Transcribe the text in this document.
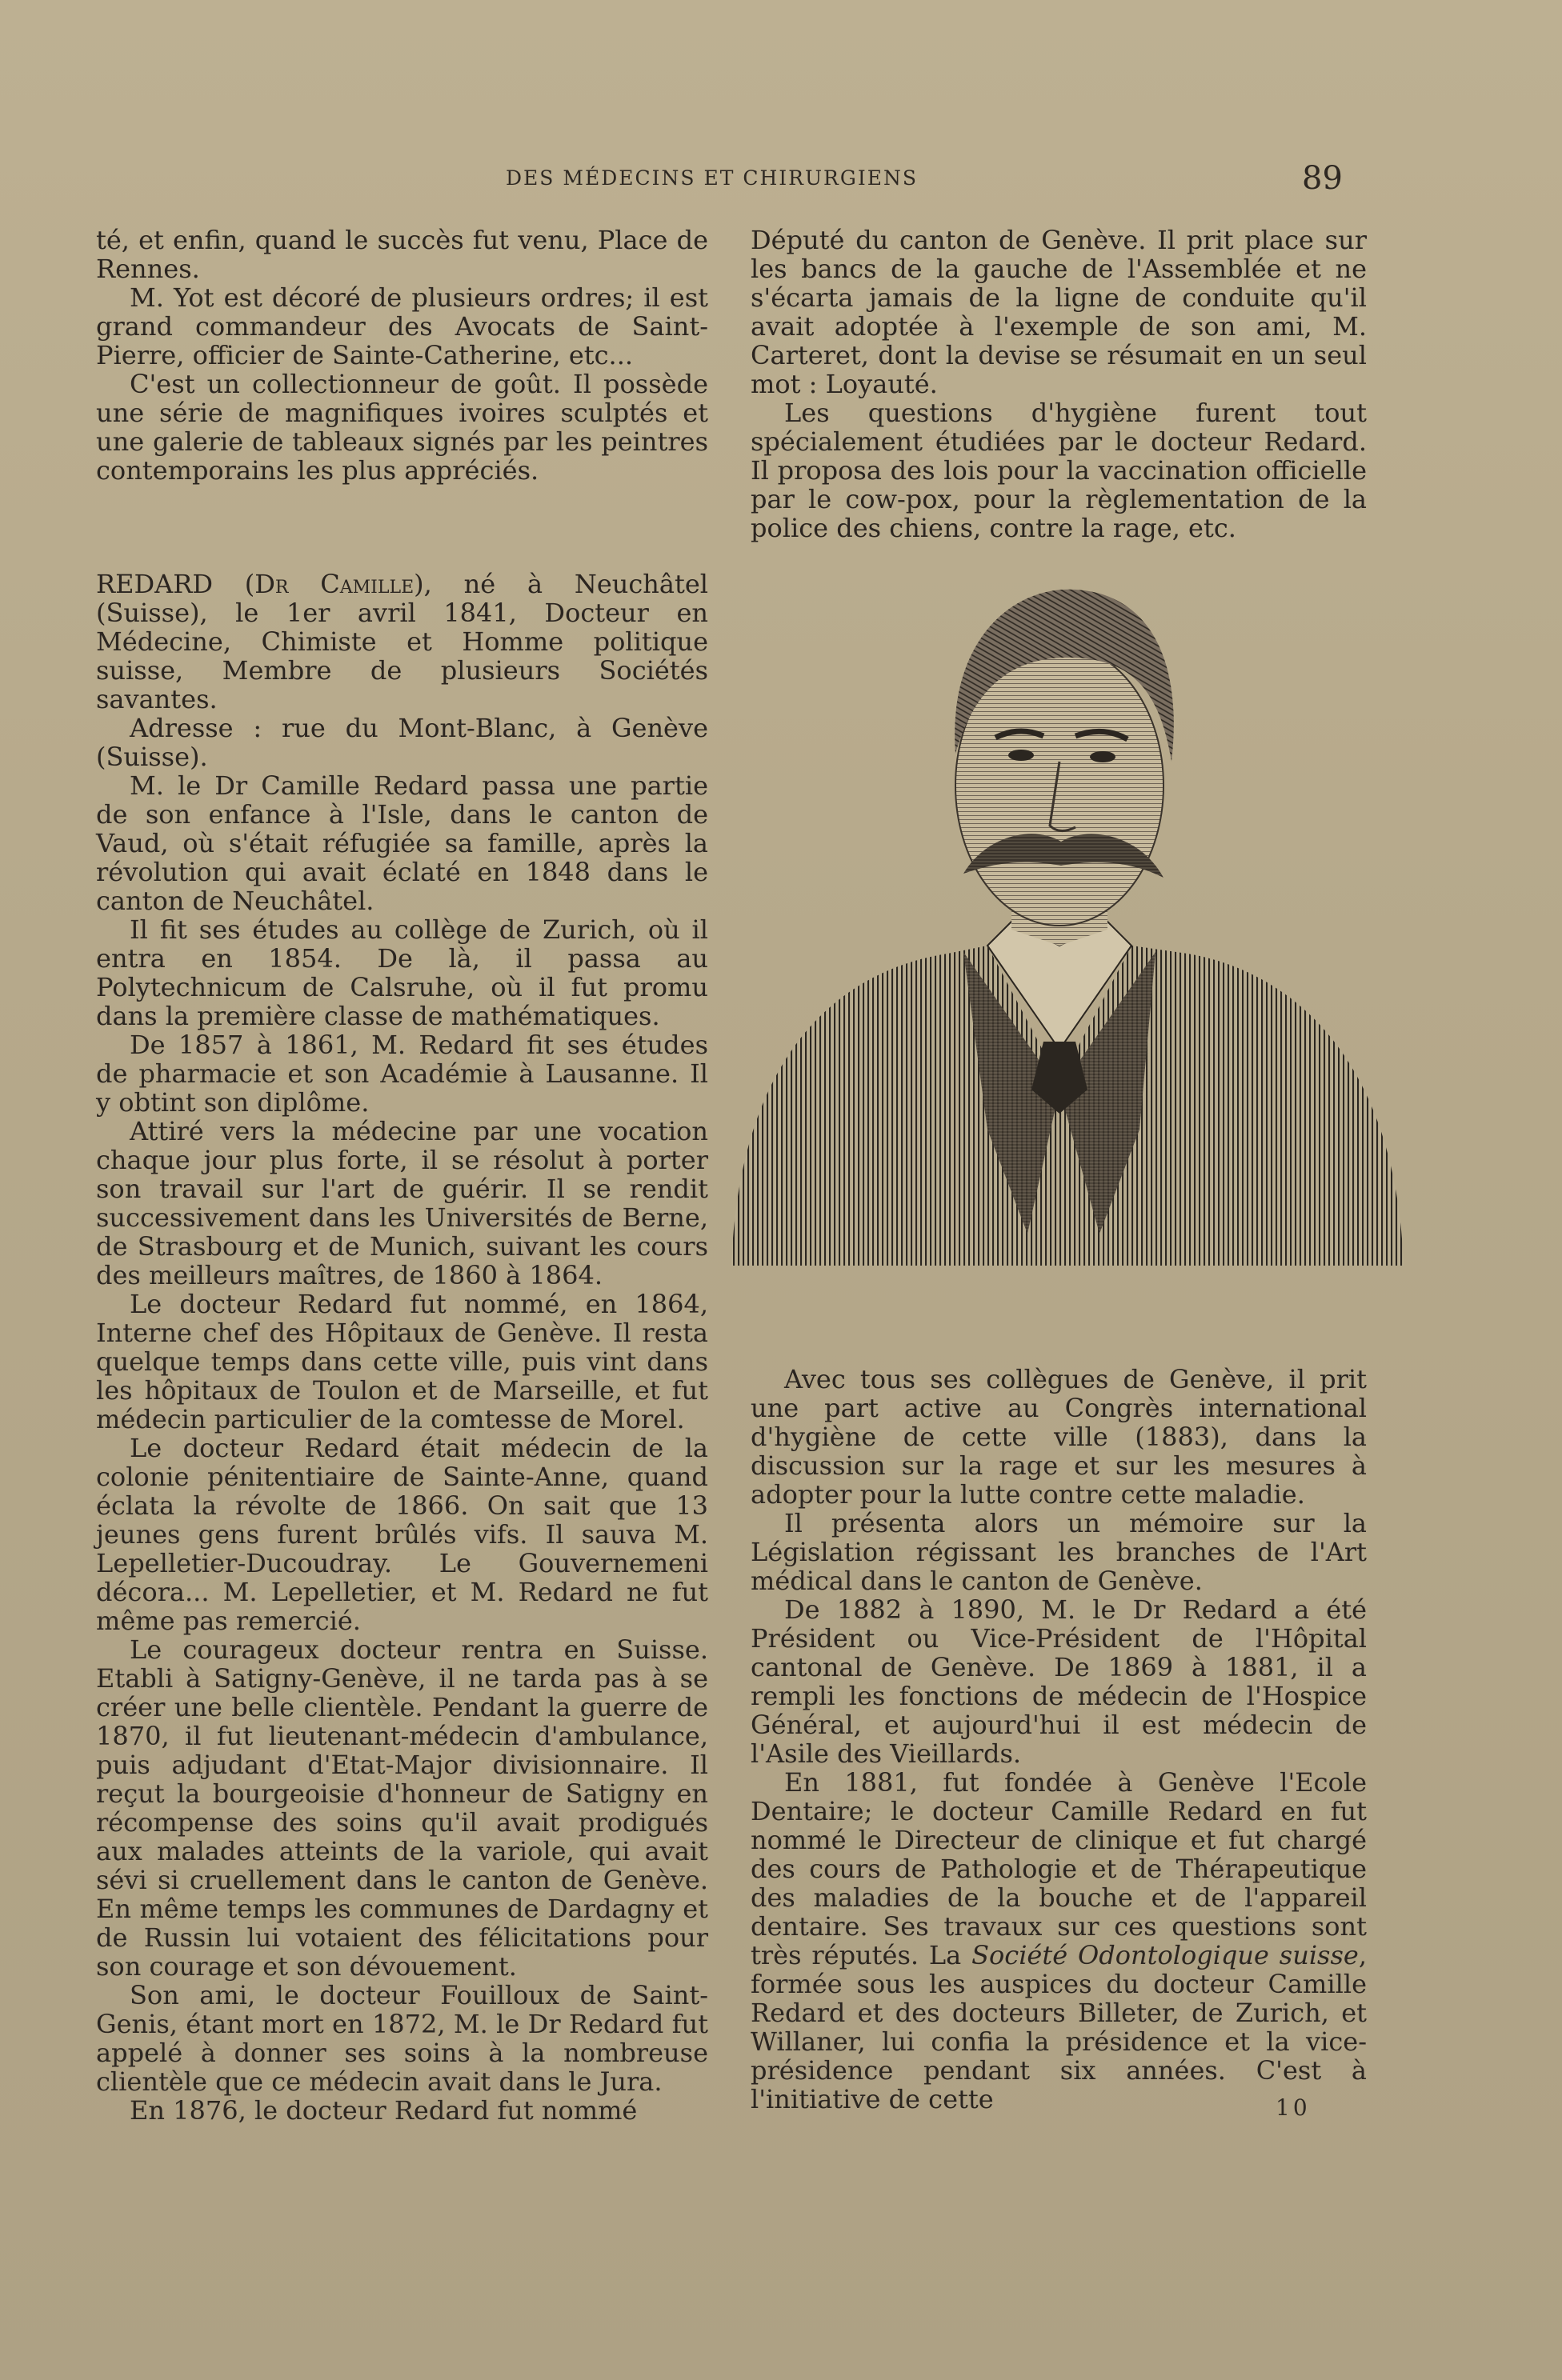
DES MÉDECINS ET CHIRURGIENS	89

té, et enfin, quand le succès fut venu, Place de Rennes.

M. Yot est décoré de plusieurs ordres; il est grand commandeur des Avocats de Saint-Pierre, officier de Sainte-Catherine, etc...

C'est un collectionneur de goût. Il possède une série de magnifiques ivoires sculptés et une galerie de tableaux signés par les peintres contemporains les plus appréciés.

REDARD (Dr Camille), né à Neuchâtel (Suisse), le 1er avril 1841, Docteur en Médecine, Chimiste et Homme politique suisse, Membre de plusieurs Sociétés savantes.

Adresse : rue du Mont-Blanc, à Genève (Suisse).

M. le Dr Camille Redard passa une partie de son enfance à l'Isle, dans le canton de Vaud, où s'était réfugiée sa famille, après la révolution qui avait éclaté en 1848 dans le canton de Neuchâtel.

Il fit ses études au collège de Zurich, où il entra en 1854. De là, il passa au Polytechnicum de Calsruhe, où il fut promu dans la première classe de mathématiques.

De 1857 à 1861, M. Redard fit ses études de pharmacie et son Académie à Lausanne. Il y obtint son diplôme.

Attiré vers la médecine par une vocation chaque jour plus forte, il se résolut à porter son travail sur l'art de guérir. Il se rendit successivement dans les Universités de Berne, de Strasbourg et de Munich, suivant les cours des meilleurs maîtres, de 1860 à 1864.

Le docteur Redard fut nommé, en 1864, Interne chef des Hôpitaux de Genève. Il resta quelque temps dans cette ville, puis vint dans les hôpitaux de Toulon et de Marseille, et fut médecin particulier de la comtesse de Morel.

Le docteur Redard était médecin de la colonie pénitentiaire de Sainte-Anne, quand éclata la révolte de 1866. On sait que 13 jeunes gens furent brûlés vifs. Il sauva M. Lepelletier-Ducoudray. Le Gouvernemeni décora... M. Lepelletier, et M. Redard ne fut même pas remercié.

Le courageux docteur rentra en Suisse. Etabli à Satigny-Genève, il ne tarda pas à se créer une belle clientèle. Pendant la guerre de 1870, il fut lieutenant-médecin d'ambulance, puis adjudant d'Etat-Major divisionnaire. Il reçut la bourgeoisie d'honneur de Satigny en récompense des soins qu'il avait prodigués aux malades atteints de la variole, qui avait sévi si cruellement dans le canton de Genève. En même temps les communes de Dardagny et de Russin lui votaient des félicitations pour son courage et son dévouement.

Son ami, le docteur Fouilloux de Saint-Genis, étant mort en 1872, M. le Dr Redard fut appelé à donner ses soins à la nombreuse clientèle que ce médecin avait dans le Jura.

En 1876, le docteur Redard fut nommé

Député du canton de Genève. Il prit place sur les bancs de la gauche de l'Assemblée et ne s'écarta jamais de la ligne de conduite qu'il avait adoptée à l'exemple de son ami, M. Carteret, dont la devise se résumait en un seul mot : Loyauté.

Les questions d'hygiène furent tout spécialement étudiées par le docteur Redard. Il proposa des lois pour la vaccination officielle par le cow-pox, pour la règlementation de la police des chiens, contre la rage, etc.

Avec tous ses collègues de Genève, il prit une part active au Congrès international d'hygiène de cette ville (1883), dans la discussion sur la rage et sur les mesures à adopter pour la lutte contre cette maladie.

Il présenta alors un mémoire sur la Législation régissant les branches de l'Art médical dans le canton de Genève.

De 1882 à 1890, M. le Dr Redard a été Président ou Vice-Président de l'Hôpital cantonal de Genève. De 1869 à 1881, il a rempli les fonctions de médecin de l'Hospice Général, et aujourd'hui il est médecin de l'Asile des Vieillards.

En 1881, fut fondée à Genève l'Ecole Dentaire; le docteur Camille Redard en fut nommé le Directeur de clinique et fut chargé des cours de Pathologie et de Thérapeutique des maladies de la bouche et de l'appareil dentaire. Ses travaux sur ces questions sont très réputés. La Société Odontologique suisse, formée sous les auspices du docteur Camille Redard et des docteurs Billeter, de Zurich, et Willaner, lui confia la présidence et la vice-présidence pendant six années. C'est à l'initiative de cette	10
